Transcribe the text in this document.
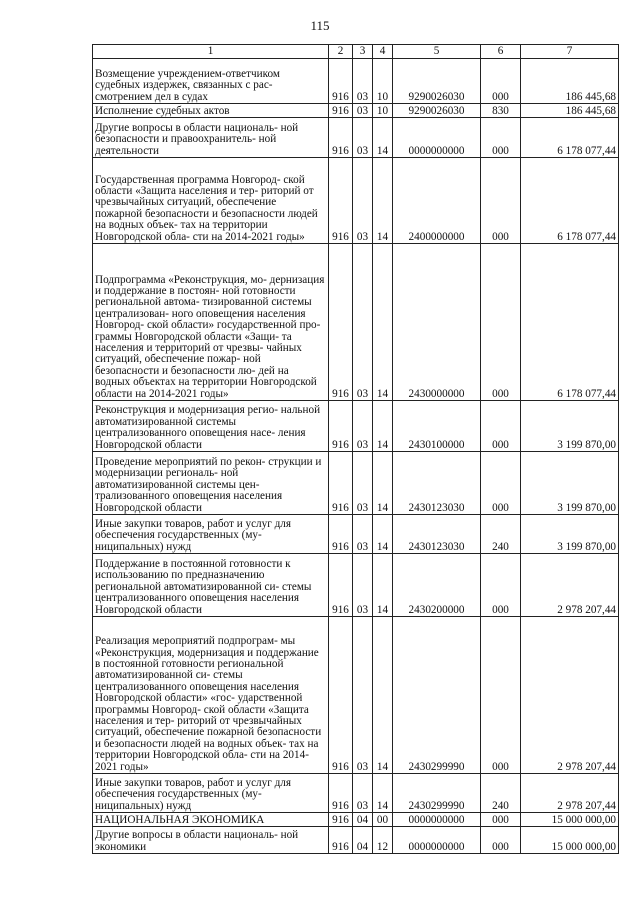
115
1	2	3	4	5	6	7
Возмещение учреждением-ответчиком судебных издержек, связанных с рас- смотрением дел в судах	916	03	10	9290026030	000	186 445,68
Исполнение судебных актов	916	03	10	9290026030	830	186 445,68
Другие вопросы в области националь- ной безопасности и правоохранитель- ной деятельности	916	03	14	0000000000	000	6 178 077,44
Государственная программа Новгород- ской области «Защита населения и тер- риторий от чрезвычайных ситуаций, обеспечение пожарной безопасности и безопасности людей на водных объек- тах на территории Новгородской обла- сти на 2014-2021 годы»	916	03	14	2400000000	000	6 178 077,44
Подпрограмма «Реконструкция, мо- дернизация и поддержание в постоян- ной готовности региональной автома- тизированной системы централизован- ного оповещения населения Новгород- ской области» государственной про- граммы Новгородской области «Защи- та населения и территорий от чрезвы- чайных ситуаций, обеспечение пожар- ной безопасности и безопасности лю- дей на водных объектах на территории Новгородской области на 2014-2021 годы»	916	03	14	2430000000	000	6 178 077,44
Реконструкция и модернизация регио- нальной автоматизированной системы централизованного оповещения насе- ления Новгородской области	916	03	14	2430100000	000	3 199 870,00
Проведение мероприятий по рекон- струкции и модернизации региональ- ной автоматизированной системы цен- трализованного оповещения населения Новгородской области	916	03	14	2430123030	000	3 199 870,00
Иные закупки товаров, работ и услуг для обеспечения государственных (му- ниципальных) нужд	916	03	14	2430123030	240	3 199 870,00
Поддержание в постоянной готовности к использованию по предназначению региональной автоматизированной си- стемы централизованного оповещения населения Новгородской области	916	03	14	2430200000	000	2 978 207,44
Реализация мероприятий подпрограм- мы «Реконструкция, модернизация и поддержание в постоянной готовности региональной автоматизированной си- стемы централизованного оповещения населения Новгородской области» «гос- ударственной программы Новгород- ской области «Защита населения и тер- риторий от чрезвычайных ситуаций, обеспечение пожарной безопасности и безопасности людей на водных объек- тах на территории Новгородской обла- сти на 2014-2021 годы»	916	03	14	2430299990	000	2 978 207,44
Иные закупки товаров, работ и услуг для обеспечения государственных (му- ниципальных) нужд	916	03	14	2430299990	240	2 978 207,44
НАЦИОНАЛЬНАЯ ЭКОНОМИКА	916	04	00	0000000000	000	15 000 000,00
Другие вопросы в области националь- ной экономики	916	04	12	0000000000	000	15 000 000,00
